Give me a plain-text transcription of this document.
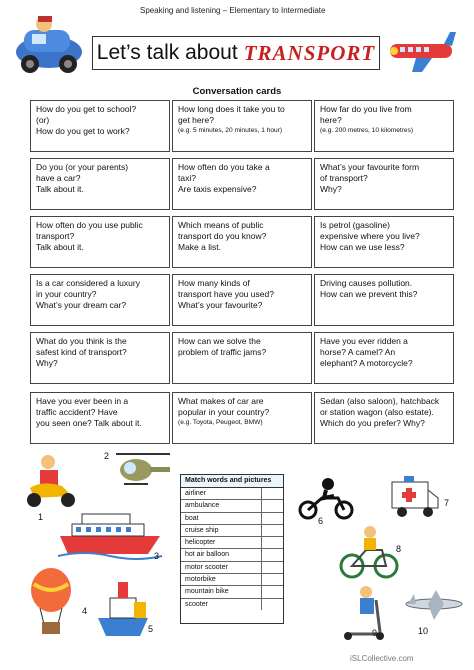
Speaking and listening – Elementary to Intermediate
Let’s talk about TRANSPORT
Conversation cards
How do you get to school?
(or)
How do you get to work?
How long does it take you to
get here?
(e.g. 5 minutes, 20 minutes, 1 hour)
How far do you live from
here?
(e.g. 200 metres, 10 kilometres)
Do you (or your parents)
have a car?
Talk about it.
How often do you take a
taxi?
Are taxis expensive?
What’s your favourite form
of transport?
Why?
How often do you use public
transport?
Talk about it.
Which means of public
transport do you know?
Make a list.
Is petrol (gasoline)
expensive where you live?
How can we use less?
Is a car considered a luxury
in your country?
What’s your dream car?
How many kinds of
transport have you used?
What’s your favourite?
Driving causes pollution.
How can we prevent this?
What do you think is the
safest kind of transport?
Why?
How can we solve the
problem of traffic jams?
Have you ever ridden a
horse? A camel? An
elephant? A motorcycle?
Have you ever been in a
traffic accident? Have
you seen one? Talk about it.
What makes of car are
popular in your country?
(e.g. Toyota, Peugeot, BMW)
Sedan (also saloon), hatchback
or station wagon (also estate).
Which do you prefer? Why?
1
2
3
4
5
Match words and pictures
airliner
ambulance
boat
cruise ship
helicopter
hot air balloon
motor scooter
motorbike
mountain bike
scooter
6
7
8
9	10
iSLCollective.com
